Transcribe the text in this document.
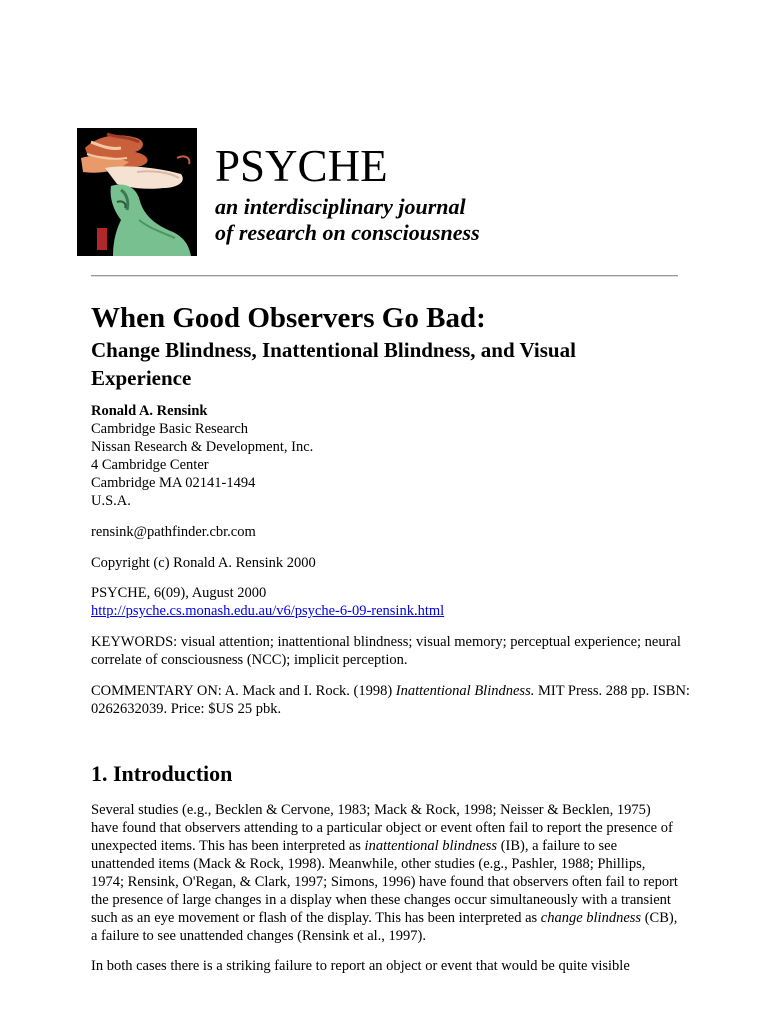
PSYCHE
an interdisciplinary journal
of research on consciousness
When Good Observers Go Bad:
Change Blindness, Inattentional Blindness, and Visual Experience

Ronald A. Rensink

Cambridge Basic Research

Nissan Research & Development, Inc.

4 Cambridge Center

Cambridge MA 02141-1494

U.S.A.

rensink@pathfinder.cbr.com

Copyright (c) Ronald A. Rensink 2000

PSYCHE, 6(09), August 2000

http://psyche.cs.monash.edu.au/v6/psyche-6-09-rensink.html

KEYWORDS: visual attention; inattentional blindness; visual memory; perceptual experience; neural correlate of consciousness (NCC); implicit perception.

COMMENTARY ON: A. Mack and I. Rock. (1998) Inattentional Blindness. MIT Press. 288 pp. ISBN: 0262632039. Price: $US 25 pbk.

1. Introduction

Several studies (e.g., Becklen & Cervone, 1983; Mack & Rock, 1998; Neisser & Becklen, 1975) have found that observers attending to a particular object or event often fail to report the presence of unexpected items. This has been interpreted as inattentional blindness (IB), a failure to see unattended items (Mack & Rock, 1998). Meanwhile, other studies (e.g., Pashler, 1988; Phillips, 1974; Rensink, O'Regan, & Clark, 1997; Simons, 1996) have found that observers often fail to report the presence of large changes in a display when these changes occur simultaneously with a transient such as an eye movement or flash of the display. This has been interpreted as change blindness (CB), a failure to see unattended changes (Rensink et al., 1997).

In both cases there is a striking failure to report an object or event that would be quite visible
